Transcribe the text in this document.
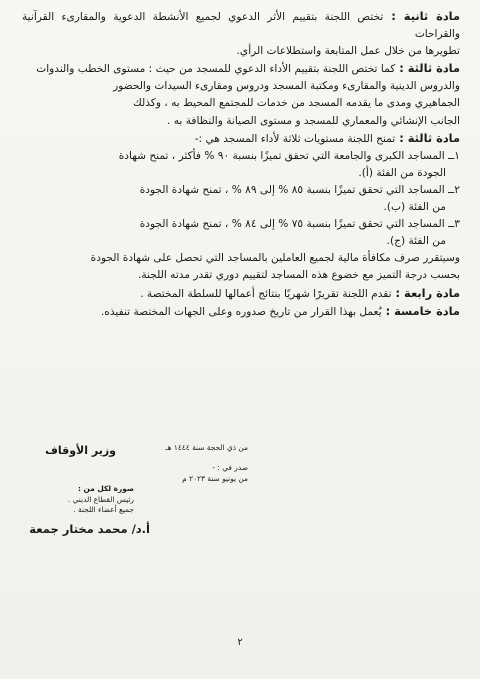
مادة ثانية :تختص اللجنة بتقييم الأثر الدعوي لجميع الأنشطة الدعوية والمقارىء القرآنية والقراحات
تطويرها من خلال عمل المتابعة واستطلاعات الرأي.
مادة ثالثة :كما تختص اللجنة بتقييم الأداء الدعوي للمسجد من حيث : مستوى الخطب والندوات
والدروس الدينية والمقارىء ومكتبة المسجد ودروس ومقارىء السيدات والحضور
الجماهيري ومدى ما يقدمه المسجد من خدمات للمجتمع المحيط به ، وكذلك
الجانب الإنشائي والمعماري للمسجد و مستوى الصيانة والنظافة به .
مادة ثالثة :تمنح اللجنة مستويات ثلاثة لأداء المسجد هي :-
١ــ المساجد الكبرى والجامعة التي تحقق تميزًا بنسبة ٩٠ % فأكثر ، تمنح شهادة
الجودة من الفئة (أ).
٢ــ المساجد التي تحقق تميزًا بنسبة ٨٥ % إلى ٨٩ % ، تمنح شهادة الجودة
من الفئة (ب).
٣ــ المساجد التي تحقق تميزًا بنسبة ٧٥ % إلى ٨٤ % ، تمنح شهادة الجودة
من الفئة (ج).
وسيتقرر صرف مكافأة مالية لجميع العاملين بالمساجد التي تحصل على شهادة الجودة
بحسب درجة التميز مع خضوع هذه المساجد لتقييم دوري تقدر مدته اللجنة.
مادة رابعة :تقدم اللجنة تقريرًا شهريًا بنتائج أعمالها للسلطة المختصة .
مادة خامسة :يُعمل بهذا القرار من تاريخ صدوره وعلى الجهات المختصة تنفيذه.
وزير الأوقاف	من ذي الحجة سنة ١٤٤٤ هـ
صدر في : -
من يونيو سنة ٢٠٢٣ م
صورة لكل من :
رئيس القطاع الديني .
جميع أعضاء اللجنة .
أ.د/ محمد مختار جمعة
٢
